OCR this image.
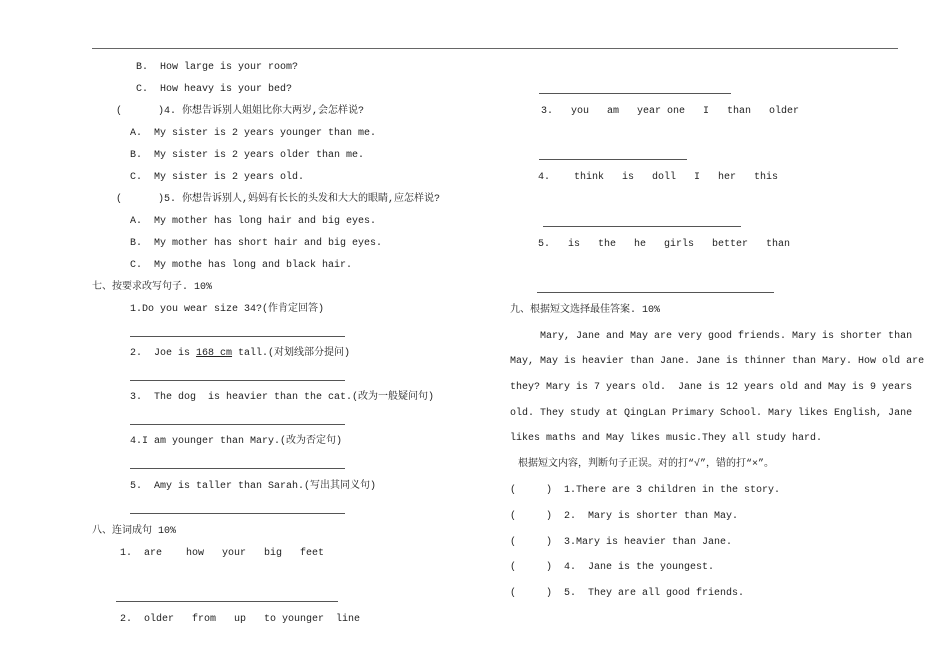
B.  How large is your room?
C.  How heavy is your bed?
(      )4. 你想告诉别人姐姐比你大两岁,会怎样说?
A.  My sister is 2 years younger than me.
B.  My sister is 2 years older than me.
C.  My sister is 2 years old.
(      )5. 你想告诉别人,妈妈有长长的头发和大大的眼睛,应怎样说?
A.  My mother has long hair and big eyes.
B.  My mother has short hair and big eyes.
C.  My mothe has long and black hair.
七、按要求改写句子. 10%
1.Do you wear size 34?(作肯定回答)
2.  Joe is 168 cm tall.(对划线部分提问)
3.  The dog  is heavier than the cat.(改为一般疑问句)
4.I am younger than Mary.(改为否定句)
5.  Amy is taller than Sarah.(写出其同义句)
八、连词成句 10%
1.  are    how   your   big   feet
2.  older   from   up   to younger  line
3.   you   am   year one   I   than   older
4.    think   is   doll   I   her   this
5.   is   the   he   girls   better   than
九、根据短文选择最佳答案. 10%
Mary, Jane and May are very good friends. Mary is shorter than
May, May is heavier than Jane. Jane is thinner than Mary. How old are
they? Mary is 7 years old.  Jane is 12 years old and May is 9 years
old. They study at QingLan Primary School. Mary likes English, Jane
likes maths and May likes music.They all study hard.
根据短文内容，判断句子正误。对的打“√”，错的打“×”。
(     )  1.There are 3 children in the story.
(     )  2.  Mary is shorter than May.
(     )  3.Mary is heavier than Jane.
(     )  4.  Jane is the youngest.
(     )  5.  They are all good friends.
